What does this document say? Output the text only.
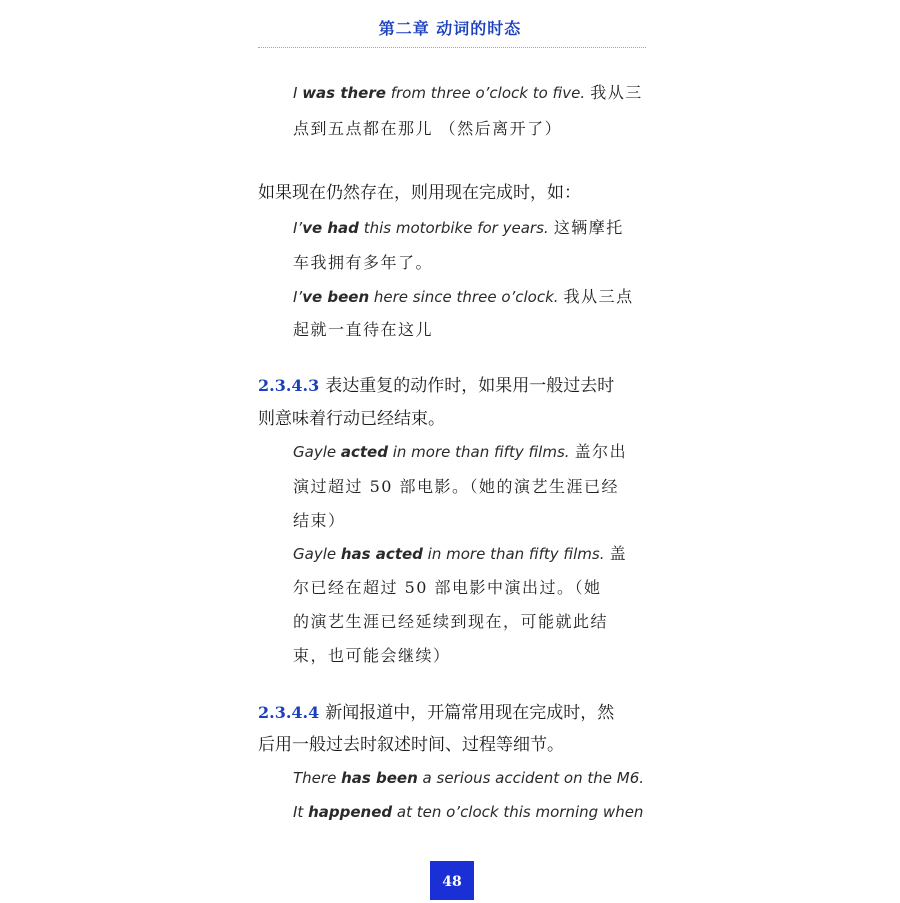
第二章 动词的时态
I was there from three o’clock to five. 我从三
点到五点都在那儿 （然后离开了）
如果现在仍然存在，则用现在完成时，如：
I’ve had this motorbike for years. 这辆摩托
车我拥有多年了。
I’ve been here since three o’clock. 我从三点
起就一直待在这儿
2.3.4.3 表达重复的动作时，如果用一般过去时
则意味着行动已经结束。
Gayle acted in more than fifty films. 盖尔出
演过超过 50 部电影。（她的演艺生涯已经
结束）
Gayle has acted in more than fifty films. 盖
尔已经在超过 50 部电影中演出过。（她
的演艺生涯已经延续到现在，可能就此结
束，也可能会继续）
2.3.4.4 新闻报道中，开篇常用现在完成时，然
后用一般过去时叙述时间、过程等细节。
There has been a serious accident on the M6.
It happened at ten o’clock this morning when
48
